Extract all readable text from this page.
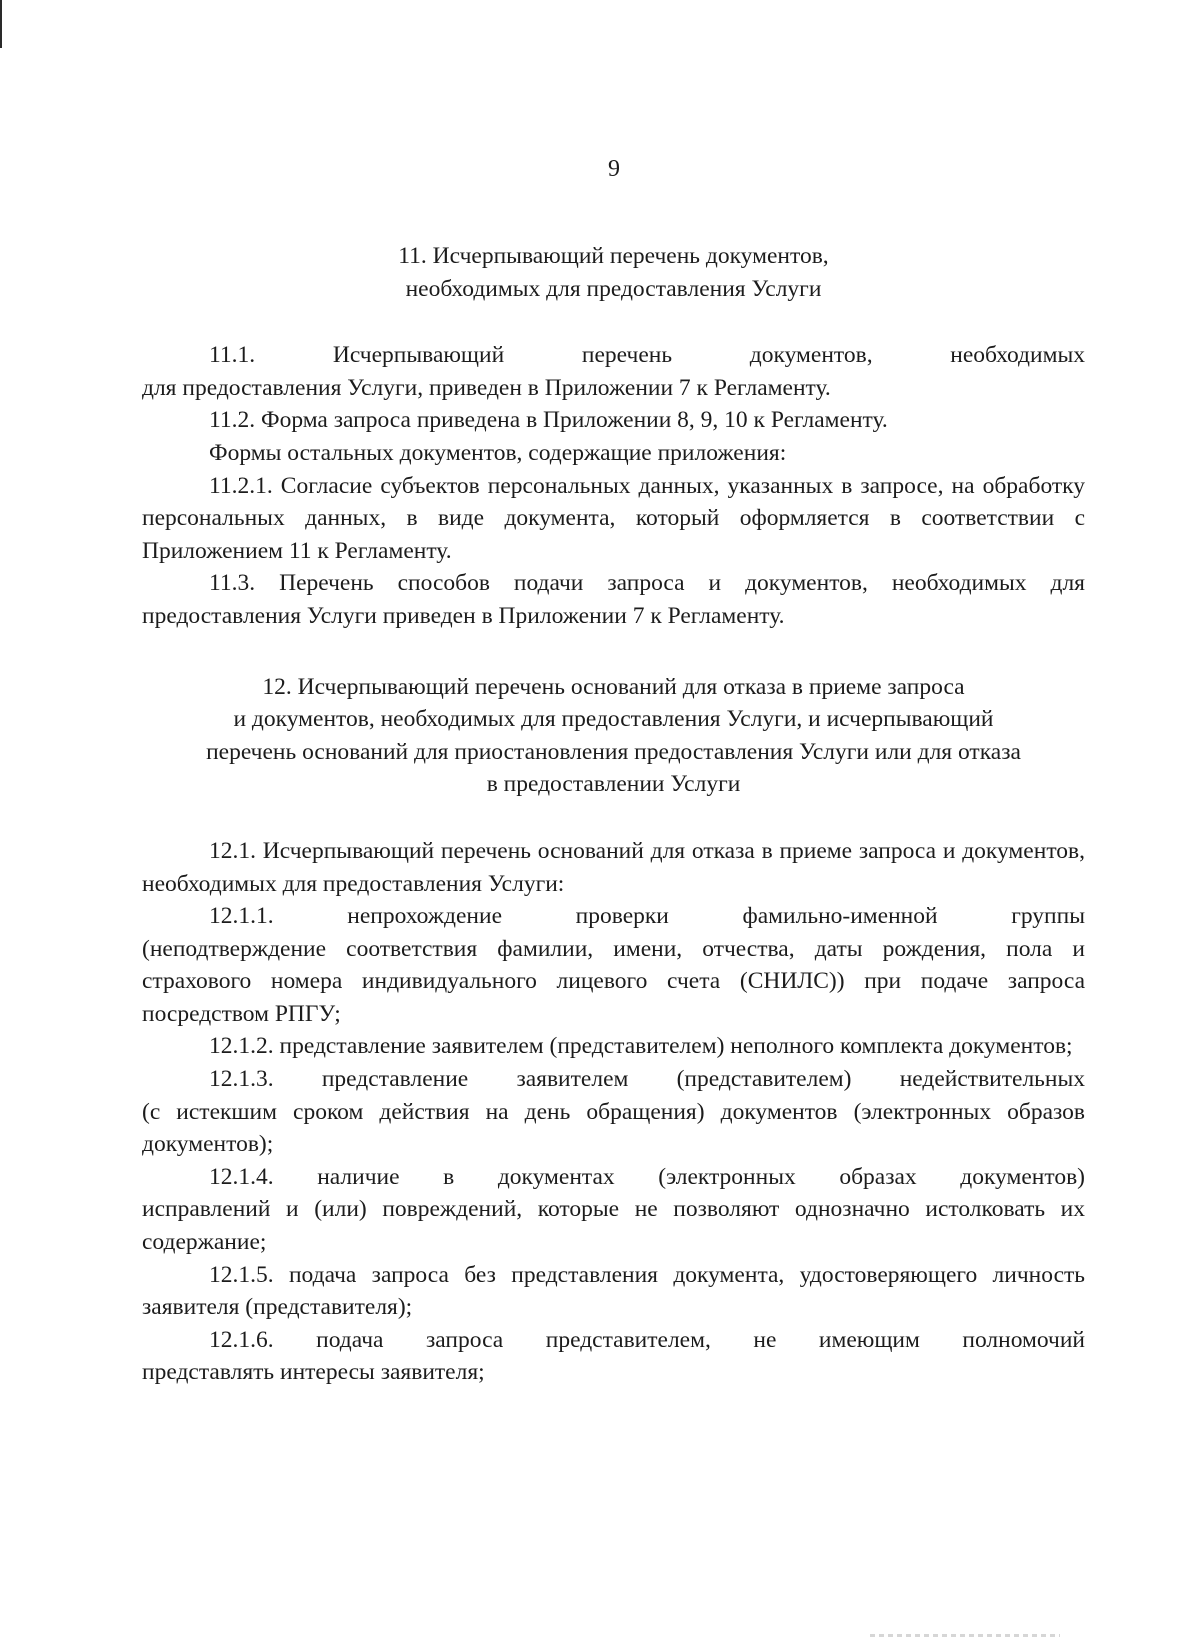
9
11. Исчерпывающий перечень документов,
необходимых для предоставления Услуги
11.1. Исчерпывающий перечень документов, необходимых
для предоставления Услуги, приведен в Приложении 7 к Регламенту.

11.2. Форма запроса приведена в Приложении 8, 9, 10 к Регламенту.

Формы остальных документов, содержащие приложения:

11.2.1. Согласие субъектов персональных данных, указанных в запросе, на обработку персональных данных, в виде документа, который оформляется в соответствии с Приложением 11 к Регламенту.

11.3. Перечень способов подачи запроса и документов, необходимых для предоставления Услуги приведен в Приложении 7 к Регламенту.

12. Исчерпывающий перечень оснований для отказа в приеме запроса
и документов, необходимых для предоставления Услуги, и исчерпывающий
перечень оснований для приостановления предоставления Услуги или для отказа
в предоставлении Услуги

12.1. Исчерпывающий перечень оснований для отказа в приеме запроса и документов, необходимых для предоставления Услуги:

12.1.1. непрохождение проверки фамильно-именной группы
(неподтверждение соответствия фамилии, имени, отчества, даты рождения, пола и страхового номера индивидуального лицевого счета (СНИЛС)) при подаче запроса посредством РПГУ;

12.1.2. представление заявителем (представителем) неполного комплекта документов;

12.1.3. представление заявителем (представителем) недействительных
(с истекшим сроком действия на день обращения) документов (электронных образов документов);
12.1.4. наличие в документах (электронных образах документов)
исправлений и (или) повреждений, которые не позволяют однозначно истолковать их содержание;

12.1.5. подача запроса без представления документа, удостоверяющего личность заявителя (представителя);

12.1.6. подача запроса представителем, не имеющим полномочий
представлять интересы заявителя;
